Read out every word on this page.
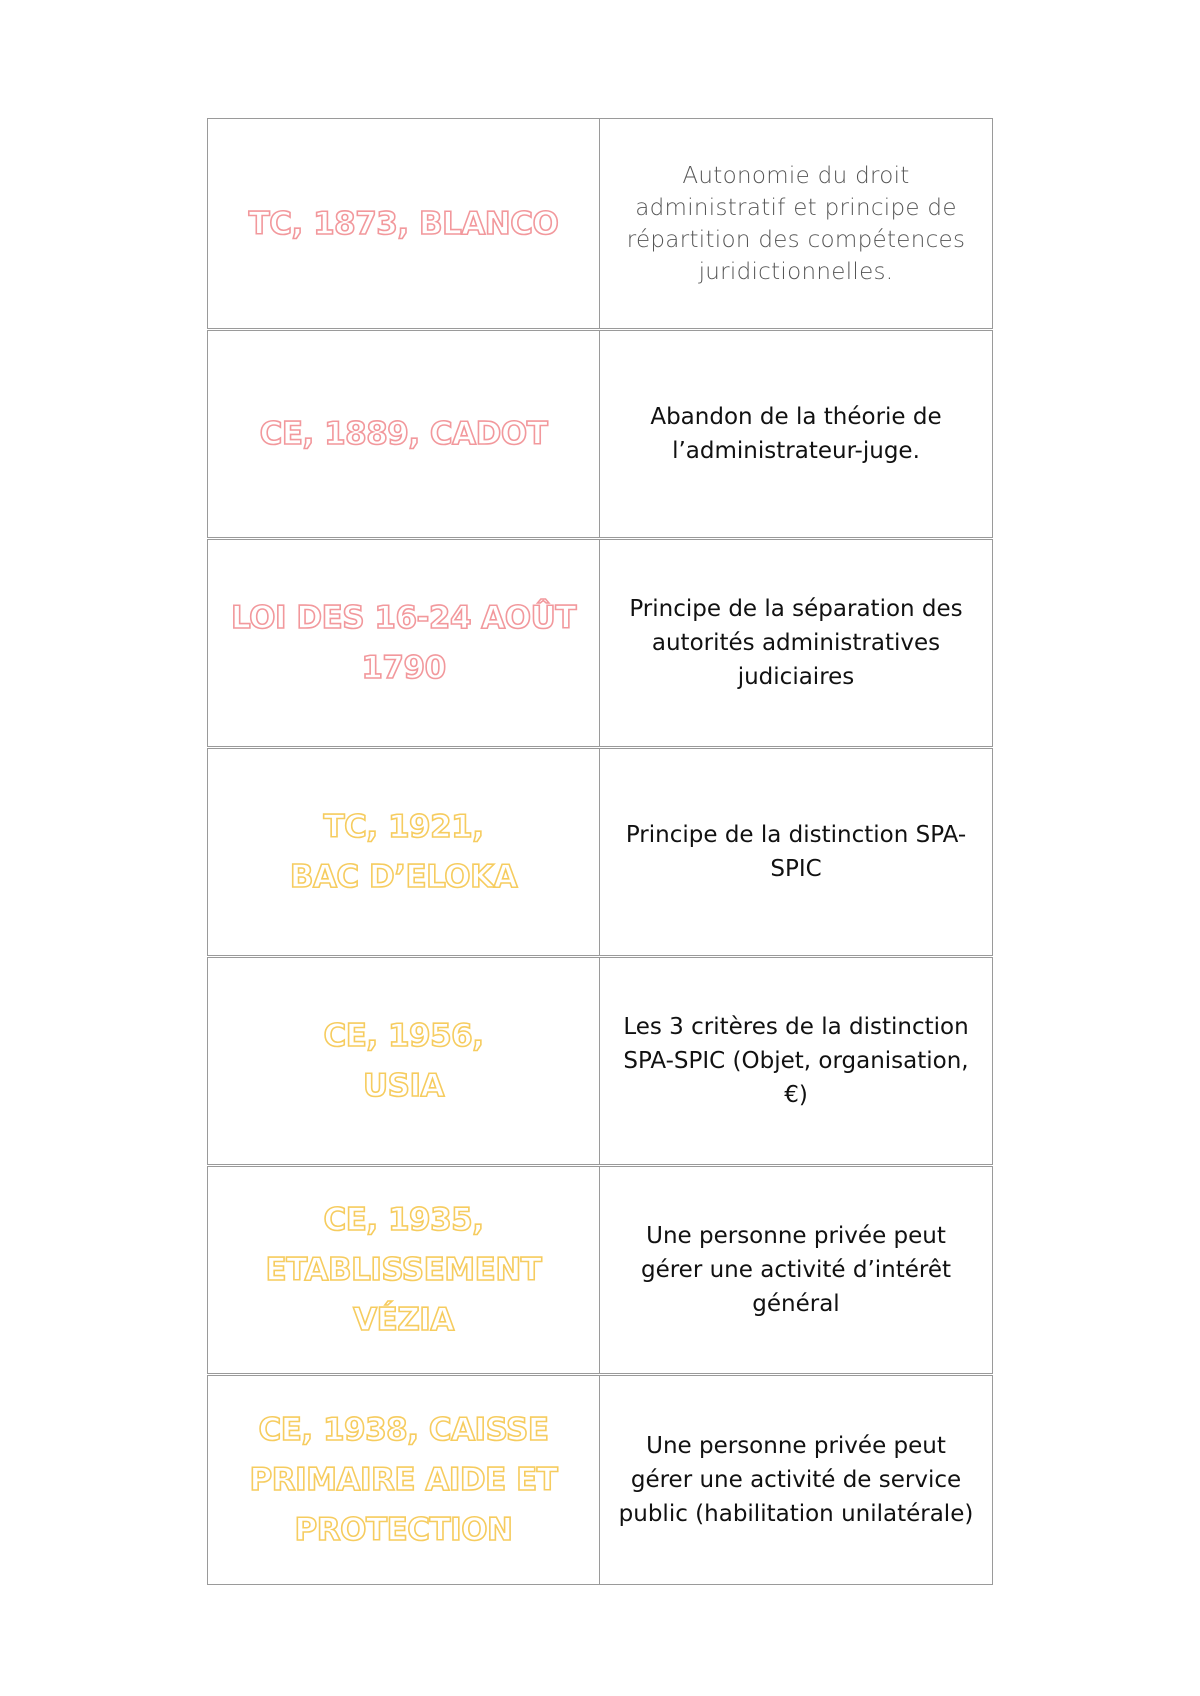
TC, 1873, BLANCO
Autonomie du droit administratif et principe de répartition des compétences juridictionnelles.
CE, 1889, CADOT	Abandon de la théorie de l’administrateur-juge.
LOI DES 16-24 AOÛT 1790
Principe de la séparation des autorités administratives judiciaires
TC, 1921,
BAC D’ELOKA
Principe de la distinction SPA-SPIC
CE, 1956,
USIA
Les 3 critères de la distinction SPA-SPIC (Objet, organisation, €)
CE, 1935, ETABLISSEMENT VÉZIA
Une personne privée peut gérer une activité d’intérêt général
CE, 1938, CAISSE PRIMAIRE AIDE ET PROTECTION
Une personne privée peut gérer une activité de service public (habilitation unilatérale)
